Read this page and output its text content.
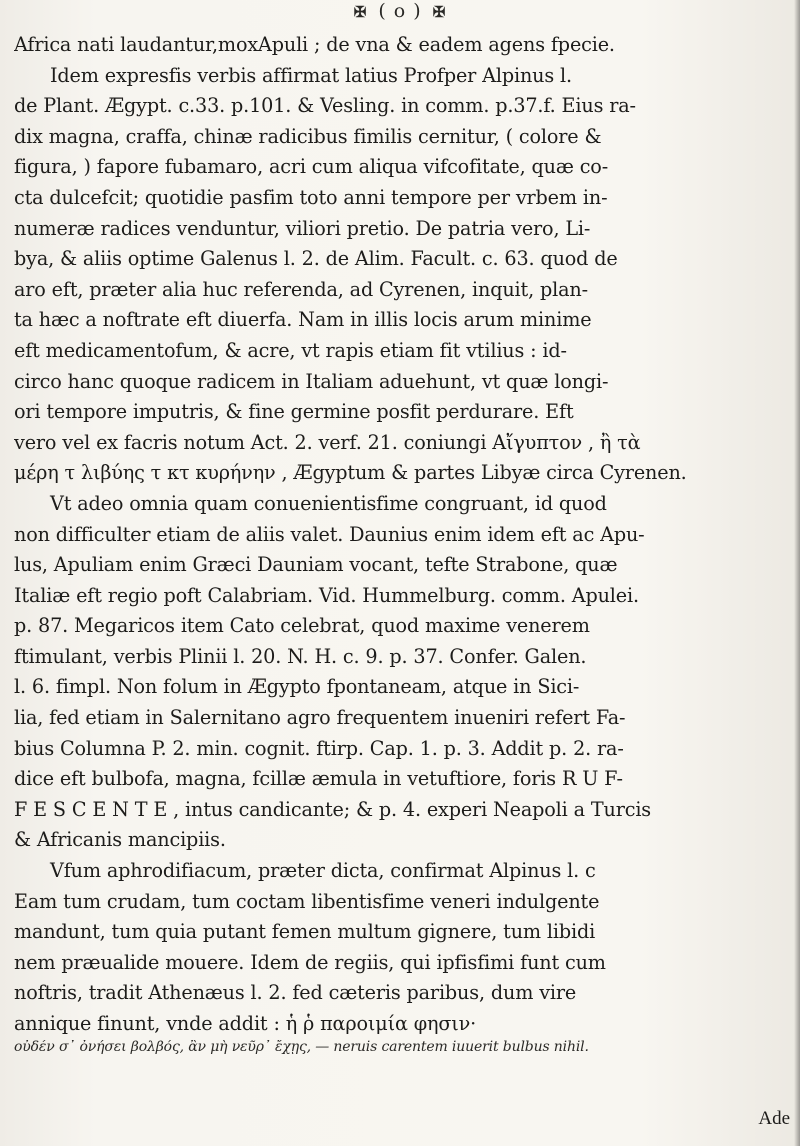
✠ ( o ) ✠
Africa nati laudantur,moxApuli ; de vna & eadem agens fpecie.
Idem expresfis verbis affirmat latius Profper Alpinus l.
de Plant. Ægypt. c.33. p.101. & Vesling. in comm. p.37.f. Eius ra-
dix magna, craffa, chinæ radicibus fimilis cernitur, ( colore &
figura, ) fapore fubamaro, acri cum aliqua vifcofitate, quæ co-
cta dulcefcit; quotidie pasfim toto anni tempore per vrbem in-
numeræ radices venduntur, viliori pretio. De patria vero, Li-
bya, & aliis optime Galenus l. 2. de Alim. Facult. c. 63. quod de
aro eft, præter alia huc referenda, ad Cyrenen, inquit, plan-
ta hæc a noftrate eft diuerfa. Nam in illis locis arum minime
eft medicamentofum, & acre, vt rapis etiam fit vtilius : id-
circo hanc quoque radicem in Italiam aduehunt, vt quæ longi-
ori tempore imputris, & fine germine posfit perdurare. Eft
vero vel ex facris notum Act. 2. verf. 21. coniungi Αἴγυπτον , ἢ τὰ
μέρη τ λιβύης τ κτ κυρήνην , Ægyptum & partes Libyæ circa Cyrenen.
Vt adeo omnia quam conuenientisfime congruant, id quod
non difficulter etiam de aliis valet. Daunius enim idem eft ac Apu-
lus, Apuliam enim Græci Dauniam vocant, tefte Strabone, quæ
Italiæ eft regio poft Calabriam. Vid. Hummelburg. comm. Apulei.
p. 87. Megaricos item Cato celebrat, quod maxime venerem
ftimulant, verbis Plinii l. 20. N. H. c. 9. p. 37. Confer. Galen.
l. 6. fimpl. Non folum in Ægypto fpontaneam, atque in Sici-
lia, fed etiam in Salernitano agro frequentem inueniri refert Fa-
bius Columna P. 2. min. cognit. ftirp. Cap. 1. p. 3. Addit p. 2. ra-
dice eft bulbofa, magna, fcillæ æmula in vetuftiore, foris R U F-
F E S C E N T E , intus candicante; & p. 4. experi Neapoli a Turcis
& Africanis mancipiis.
Vfum aphrodifiacum, præter dicta, confirmat Alpinus l. c
Eam tum crudam, tum coctam libentisfime veneri indulgente
mandunt, tum quia putant femen multum gignere, tum libidi
nem præualide mouere. Idem de regiis, qui ipfisfimi funt cum
noftris, tradit Athenæus l. 2. fed cæteris paribus, dum vire
annique finunt, vnde addit : ἡ ῥ παροιμία φησιν·
οὐδέν σ᾽ ὀνήσει βολβός, ἂν μὴ νεῦρ᾽ ἔχῃς, — neruis carentem iuuerit bulbus nihil.
Ade
